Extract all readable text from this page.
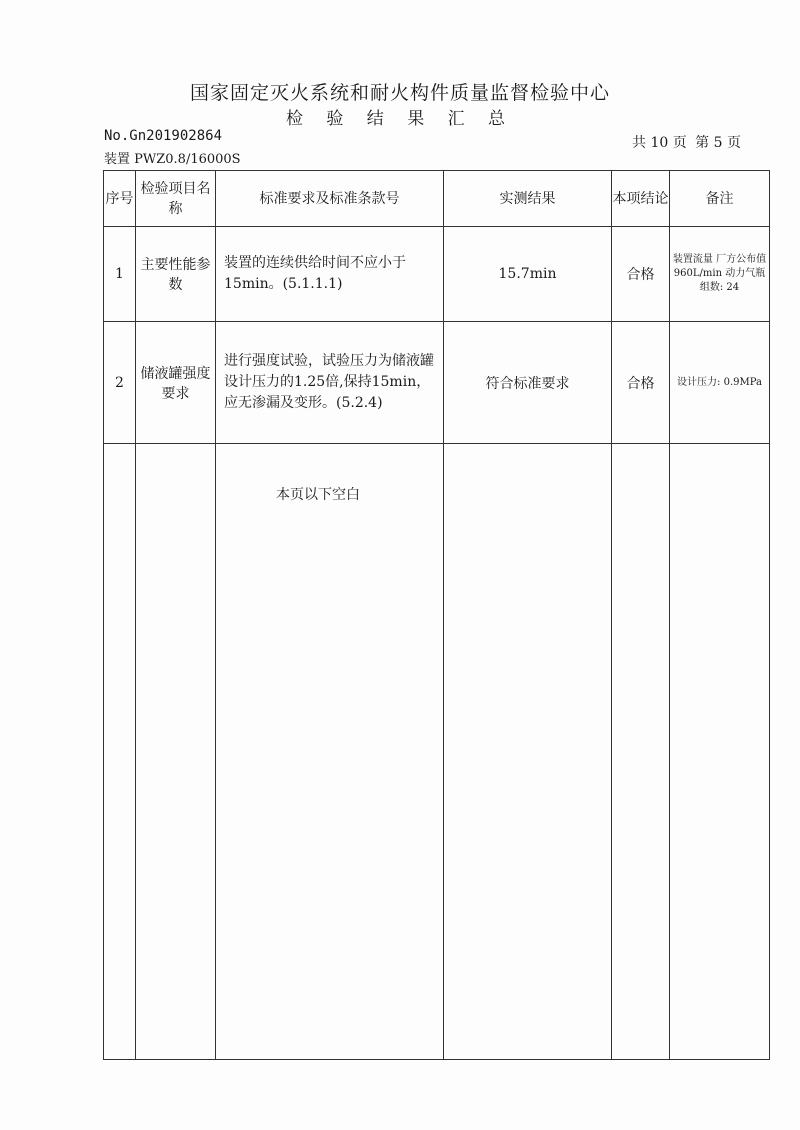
国家固定灭火系统和耐火构件质量监督检验中心
检 验 结 果 汇 总
No.Gn201902864
装置 PWZ0.8/16000S
共 10 页 第 5 页
序号	检验项目名称	标准要求及标准条款号	实测结果	本项结论	备注
1	主要性能参数	装置的连续供给时间不应小于15min。(5.1.1.1)	15.7min	合格	装置流量 厂方公布值 960L/min 动力气瓶组数: 24
2	储液罐强度要求	进行强度试验，试验压力为储液罐设计压力的1.25倍,保持15min，应无渗漏及变形。(5.2.4)	符合标准要求	合格	设计压力: 0.9MPa
		本页以下空白			
